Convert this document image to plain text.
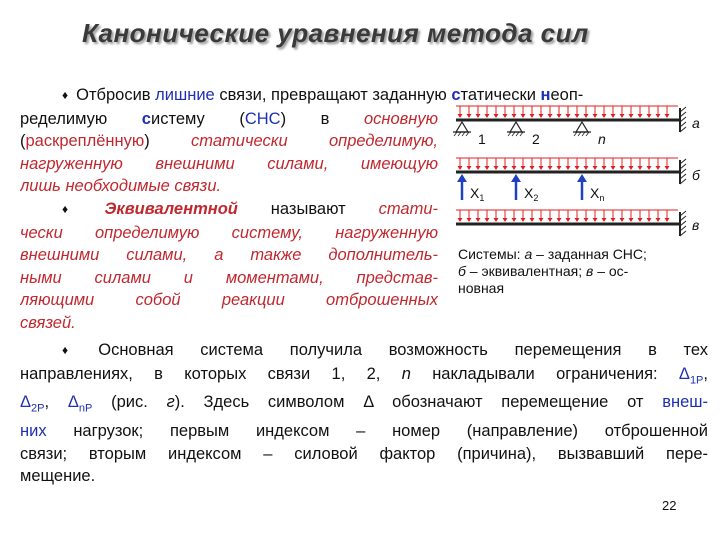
Канонические уравнения метода сил
♦ Отбросив лишние связи, превращают заданную статически неоп-
ределимую систему (СНС) в основную
(раскреплённую) статически определимую,
нагруженную внешними силами, имеющую
лишь необходимые связи.
♦ Эквивалентной называют стати-
чески определимую систему, нагруженную
внешними силами, а также дополнитель-
ными силами и моментами, представ-
ляющими собой реакции отброшенных
связей.
а
1	2	n
б
$X_1$	$X_2$	$X_n$
в
Системы: а – заданная СНС;
б – эквивалентная; в – ос-
новная
♦ Основная система получила возможность перемещения в тех
направлениях, в которых связи 1, 2, n накладывали ограничения: $\Delta_{1P}$,
$\Delta_{2P}$, $\Delta_{nP}$ (рис. г). Здесь символом Δ обозначают перемещение от внеш-
них нагрузок; первым индексом – номер (направление) отброшенной
связи; вторым индексом – силовой фактор (причина), вызвавший пере-
мещение.
22
